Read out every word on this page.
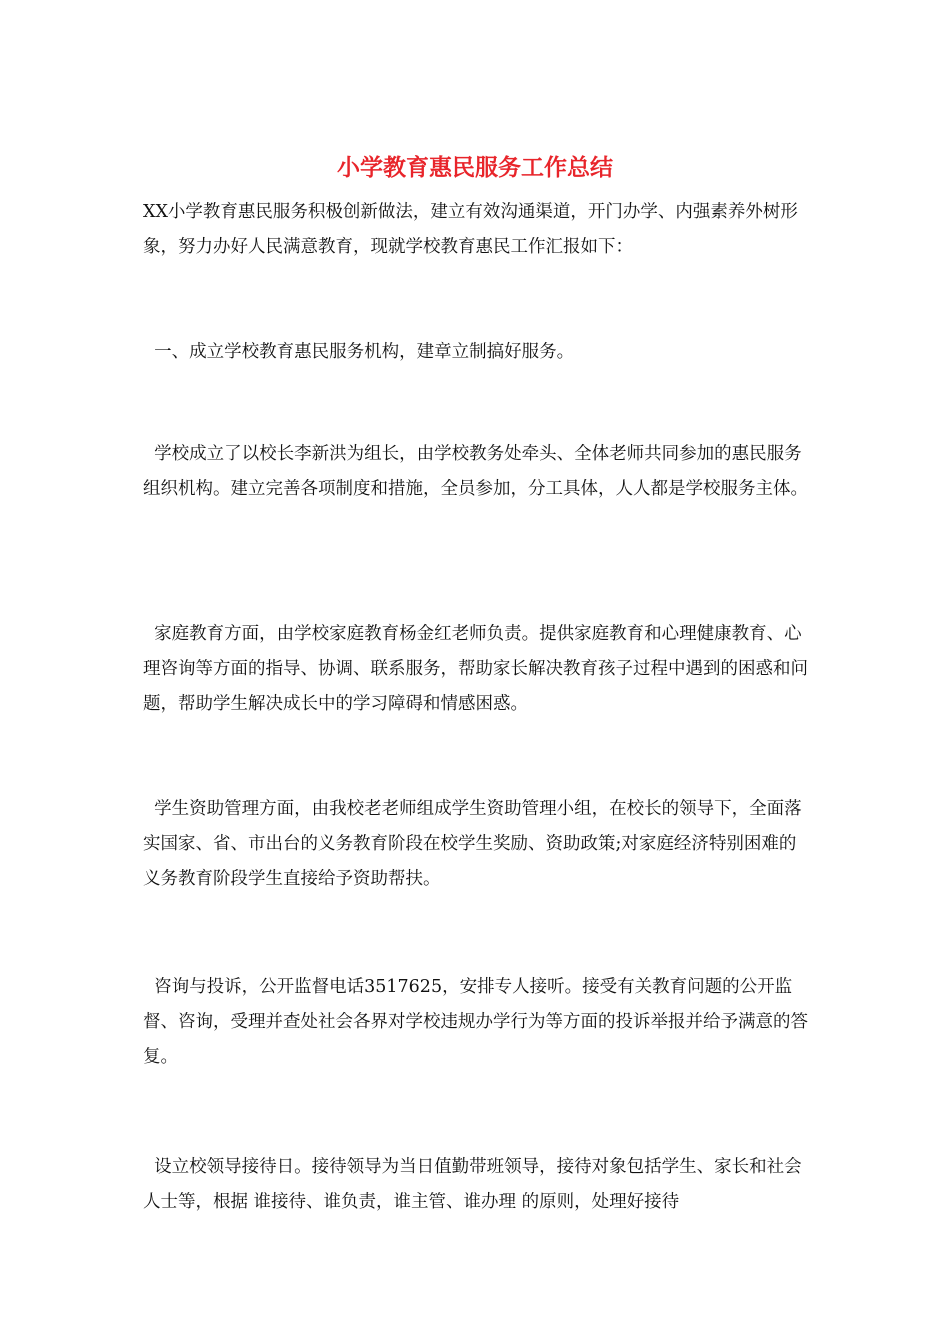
小学教育惠民服务工作总结

XX小学教育惠民服务积极创新做法，建立有效沟通渠道，开门办学、内强素养外树形象，努力办好人民满意教育，现就学校教育惠民工作汇报如下：

一、成立学校教育惠民服务机构，建章立制搞好服务。

学校成立了以校长李新洪为组长，由学校教务处牵头、全体老师共同参加的惠民服务组织机构。建立完善各项制度和措施，全员参加，分工具体，人人都是学校服务主体。

家庭教育方面，由学校家庭教育杨金红老师负责。提供家庭教育和心理健康教育、心理咨询等方面的指导、协调、联系服务，帮助家长解决教育孩子过程中遇到的困惑和问题，帮助学生解决成长中的学习障碍和情感困惑。

学生资助管理方面，由我校老老师组成学生资助管理小组，在校长的领导下，全面落实国家、省、市出台的义务教育阶段在校学生奖励、资助政策;对家庭经济特别困难的义务教育阶段学生直接给予资助帮扶。

咨询与投诉，公开监督电话3517625，安排专人接听。接受有关教育问题的公开监督、咨询，受理并查处社会各界对学校违规办学行为等方面的投诉举报并给予满意的答复。

设立校领导接待日。接待领导为当日值勤带班领导，接待对象包括学生、家长和社会人士等，根据 谁接待、谁负责，谁主管、谁办理 的原则，处理好接待
